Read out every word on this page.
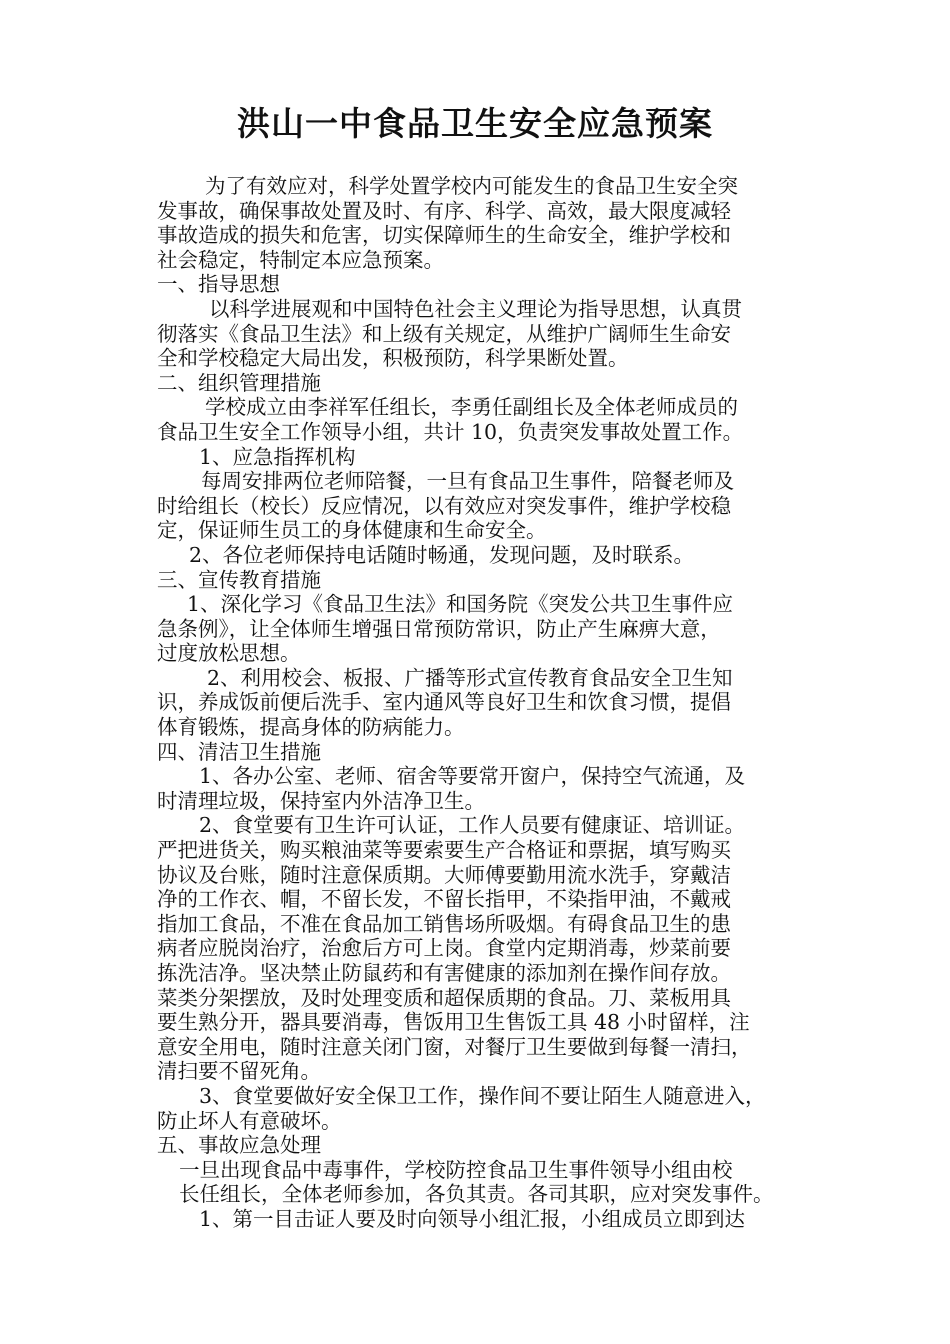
洪山一中食品卫生安全应急预案
为了有效应对，科学处置学校内可能发生的食品卫生安全突
发事故，确保事故处置及时、有序、科学、高效，最大限度减轻
事故造成的损失和危害，切实保障师生的生命安全，维护学校和
社会稳定，特制定本应急预案。
一、指导思想
以科学进展观和中国特色社会主义理论为指导思想，认真贯
彻落实《食品卫生法》和上级有关规定，从维护广阔师生生命安
全和学校稳定大局出发，积极预防，科学果断处置。
二、组织管理措施
学校成立由李祥军任组长，李勇任副组长及全体老师成员的
食品卫生安全工作领导小组，共计 10，负责突发事故处置工作。
1、应急指挥机构
每周安排两位老师陪餐，一旦有食品卫生事件，陪餐老师及
时给组长（校长）反应情况，以有效应对突发事件，维护学校稳
定，保证师生员工的身体健康和生命安全。
2、各位老师保持电话随时畅通，发现问题，及时联系。
三、宣传教育措施
1、深化学习《食品卫生法》和国务院《突发公共卫生事件应
急条例》，让全体师生增强日常预防常识，防止产生麻痹大意，
过度放松思想。
2、利用校会、板报、广播等形式宣传教育食品安全卫生知
识，养成饭前便后洗手、室内通风等良好卫生和饮食习惯，提倡
体育锻炼，提高身体的防病能力。
四、清洁卫生措施
1、各办公室、老师、宿舍等要常开窗户，保持空气流通，及
时清理垃圾，保持室内外洁净卫生。
2、食堂要有卫生许可认证，工作人员要有健康证、培训证。
严把进货关，购买粮油菜等要索要生产合格证和票据，填写购买
协议及台账，随时注意保质期。大师傅要勤用流水洗手，穿戴洁
净的工作衣、帽，不留长发，不留长指甲，不染指甲油，不戴戒
指加工食品，不准在食品加工销售场所吸烟。有碍食品卫生的患
病者应脱岗治疗，治愈后方可上岗。食堂内定期消毒，炒菜前要
拣洗洁净。坚决禁止防鼠药和有害健康的添加剂在操作间存放。
菜类分架摆放，及时处理变质和超保质期的食品。刀、菜板用具
要生熟分开，器具要消毒，售饭用卫生售饭工具 48 小时留样，注
意安全用电，随时注意关闭门窗，对餐厅卫生要做到每餐一清扫，
清扫要不留死角。
3、食堂要做好安全保卫工作，操作间不要让陌生人随意进入，
防止坏人有意破坏。
五、事故应急处理
一旦出现食品中毒事件，学校防控食品卫生事件领导小组由校
长任组长，全体老师参加，各负其责。各司其职，应对突发事件。
1、第一目击证人要及时向领导小组汇报，小组成员立即到达
